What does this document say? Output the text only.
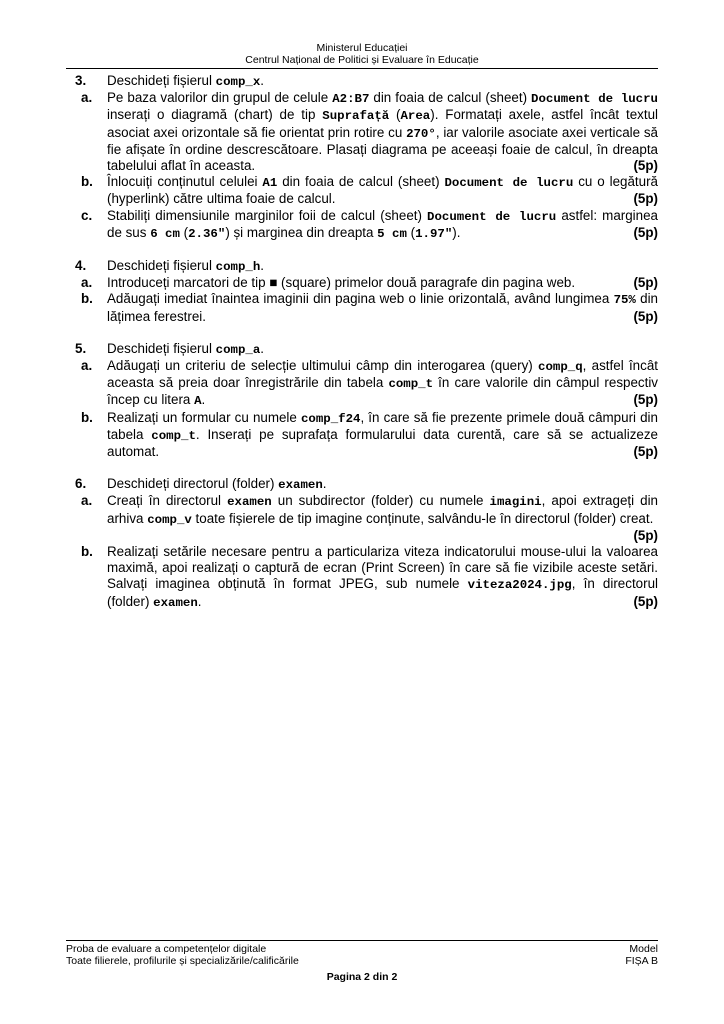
Ministerul Educației
Centrul Național de Politici și Evaluare în Educație
3.	Deschideți fișierul comp_x.
a.	Pe baza valorilor din grupul de celule A2:B7 din foaia de calcul (sheet) Document de lucru inserați o diagramă (chart) de tip Suprafață (Area). Formatați axele, astfel încât textul asociat axei orizontale să fie orientat prin rotire cu 270°, iar valorile asociate axei verticale să fie afișate în ordine descrescătoare. Plasați diagrama pe aceeași foaie de calcul, în dreapta tabelului aflat în aceasta.	(5p)
b.	Înlocuiți conținutul celulei A1 din foaia de calcul (sheet) Document de lucru cu o legătură (hyperlink) către ultima foaie de calcul.	(5p)
c.	Stabiliți dimensiunile marginilor foii de calcul (sheet) Document de lucru astfel: marginea de sus 6 cm (2.36″) și marginea din dreapta 5 cm (1.97″).	(5p)
4.	Deschideți fișierul comp_h.
a.	Introduceți marcatori de tip ■ (square) primelor două paragrafe din pagina web.	(5p)
b.	Adăugați imediat înaintea imaginii din pagina web o linie orizontală, având lungimea 75% din lățimea ferestrei.	(5p)
5.	Deschideți fișierul comp_a.
a.	Adăugați un criteriu de selecție ultimului câmp din interogarea (query) comp_q, astfel încât aceasta să preia doar înregistrările din tabela comp_t în care valorile din câmpul respectiv încep cu litera A.	(5p)
b.	Realizați un formular cu numele comp_f24, în care să fie prezente primele două câmpuri din tabela comp_t. Inserați pe suprafața formularului data curentă, care să se actualizeze automat.	(5p)
6.	Deschideți directorul (folder) examen.
a.	Creați în directorul examen un subdirector (folder) cu numele imagini, apoi extrageți din arhiva comp_v toate fișierele de tip imagine conținute, salvându-le în directorul (folder) creat.
(5p)
b.	Realizați setările necesare pentru a particulariza viteza indicatorului mouse-ului la valoarea maximă, apoi realizați o captură de ecran (Print Screen) în care să fie vizibile aceste setări. Salvați imaginea obținută în format JPEG, sub numele viteza2024.jpg, în directorul (folder) examen.	(5p)
Proba de evaluare a competențelor digitale
Toate filierele, profilurile și specializările/calificările
Model
FIȘA B
Pagina 2 din 2
